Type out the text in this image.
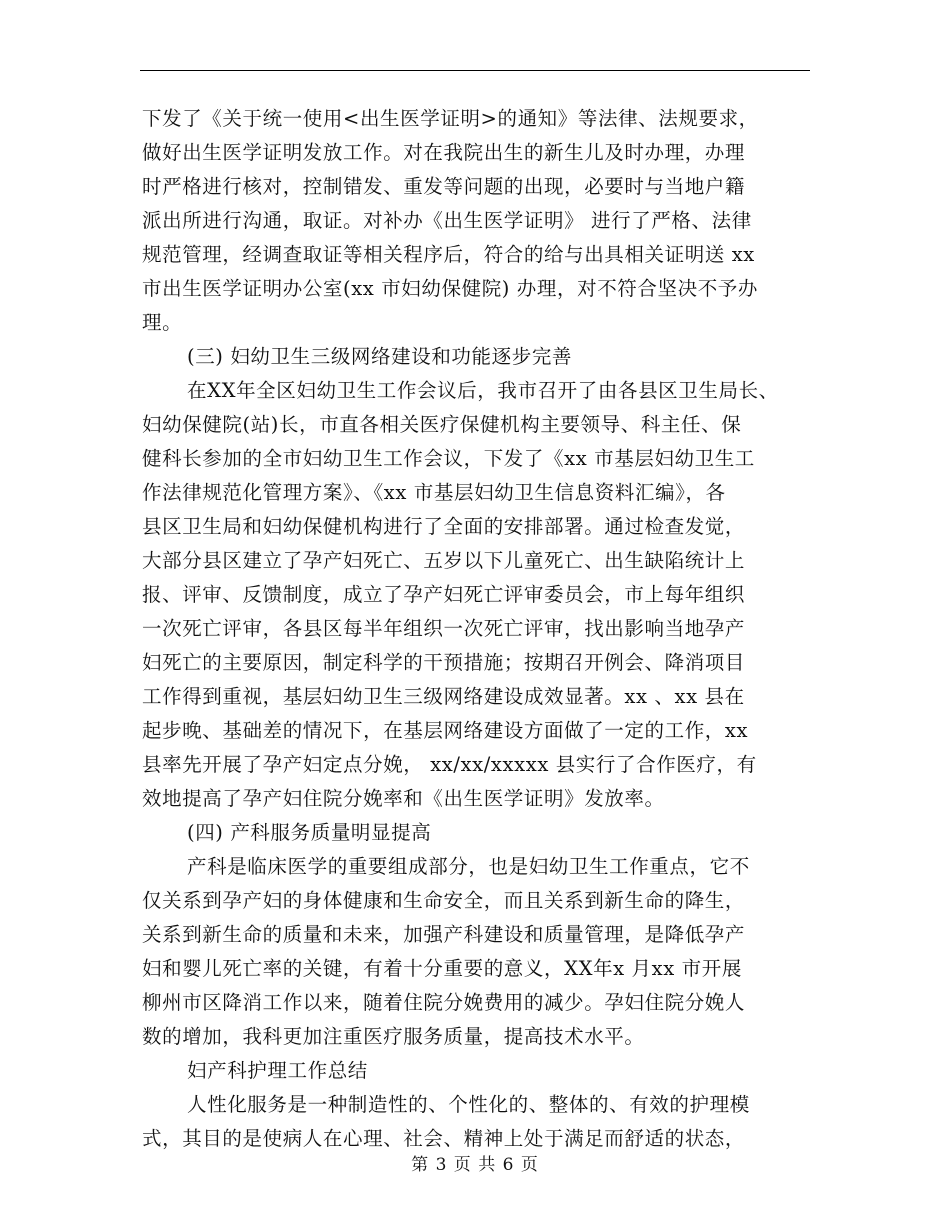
下发了《关于统一使用<出生医学证明>的通知》等法律、法规要求，
做好出生医学证明发放工作。对在我院出生的新生儿及时办理，办理
时严格进行核对，控制错发、重发等问题的出现，必要时与当地户籍
派出所进行沟通，取证。对补办《出生医学证明》 进行了严格、法律
规范管理，经调查取证等相关程序后，符合的给与出具相关证明送 xx
市出生医学证明办公室(xx 市妇幼保健院) 办理，对不符合坚决不予办
理。
(三) 妇幼卫生三级网络建设和功能逐步完善
在XX年全区妇幼卫生工作会议后，我市召开了由各县区卫生局长、
妇幼保健院(站)长，市直各相关医疗保健机构主要领导、科主任、保
健科长参加的全市妇幼卫生工作会议，下发了《xx 市基层妇幼卫生工
作法律规范化管理方案》、《xx 市基层妇幼卫生信息资料汇编》，各
县区卫生局和妇幼保健机构进行了全面的安排部署。通过检查发觉，
大部分县区建立了孕产妇死亡、五岁以下儿童死亡、出生缺陷统计上
报、评审、反馈制度，成立了孕产妇死亡评审委员会，市上每年组织
一次死亡评审，各县区每半年组织一次死亡评审，找出影响当地孕产
妇死亡的主要原因，制定科学的干预措施；按期召开例会、降消项目
工作得到重视，基层妇幼卫生三级网络建设成效显著。xx 、xx 县在
起步晚、基础差的情况下，在基层网络建设方面做了一定的工作，xx
县率先开展了孕产妇定点分娩， xx/xx/xxxxx 县实行了合作医疗，有
效地提高了孕产妇住院分娩率和《出生医学证明》发放率。
(四) 产科服务质量明显提高
产科是临床医学的重要组成部分，也是妇幼卫生工作重点，它不
仅关系到孕产妇的身体健康和生命安全，而且关系到新生命的降生，
关系到新生命的质量和未来，加强产科建设和质量管理，是降低孕产
妇和婴儿死亡率的关键，有着十分重要的意义，XX年x 月xx 市开展
柳州市区降消工作以来，随着住院分娩费用的减少。孕妇住院分娩人
数的增加，我科更加注重医疗服务质量，提高技术水平。
妇产科护理工作总结
人性化服务是一种制造性的、个性化的、整体的、有效的护理模
式，其目的是使病人在心理、社会、精神上处于满足而舒适的状态，
第 3 页 共 6 页
